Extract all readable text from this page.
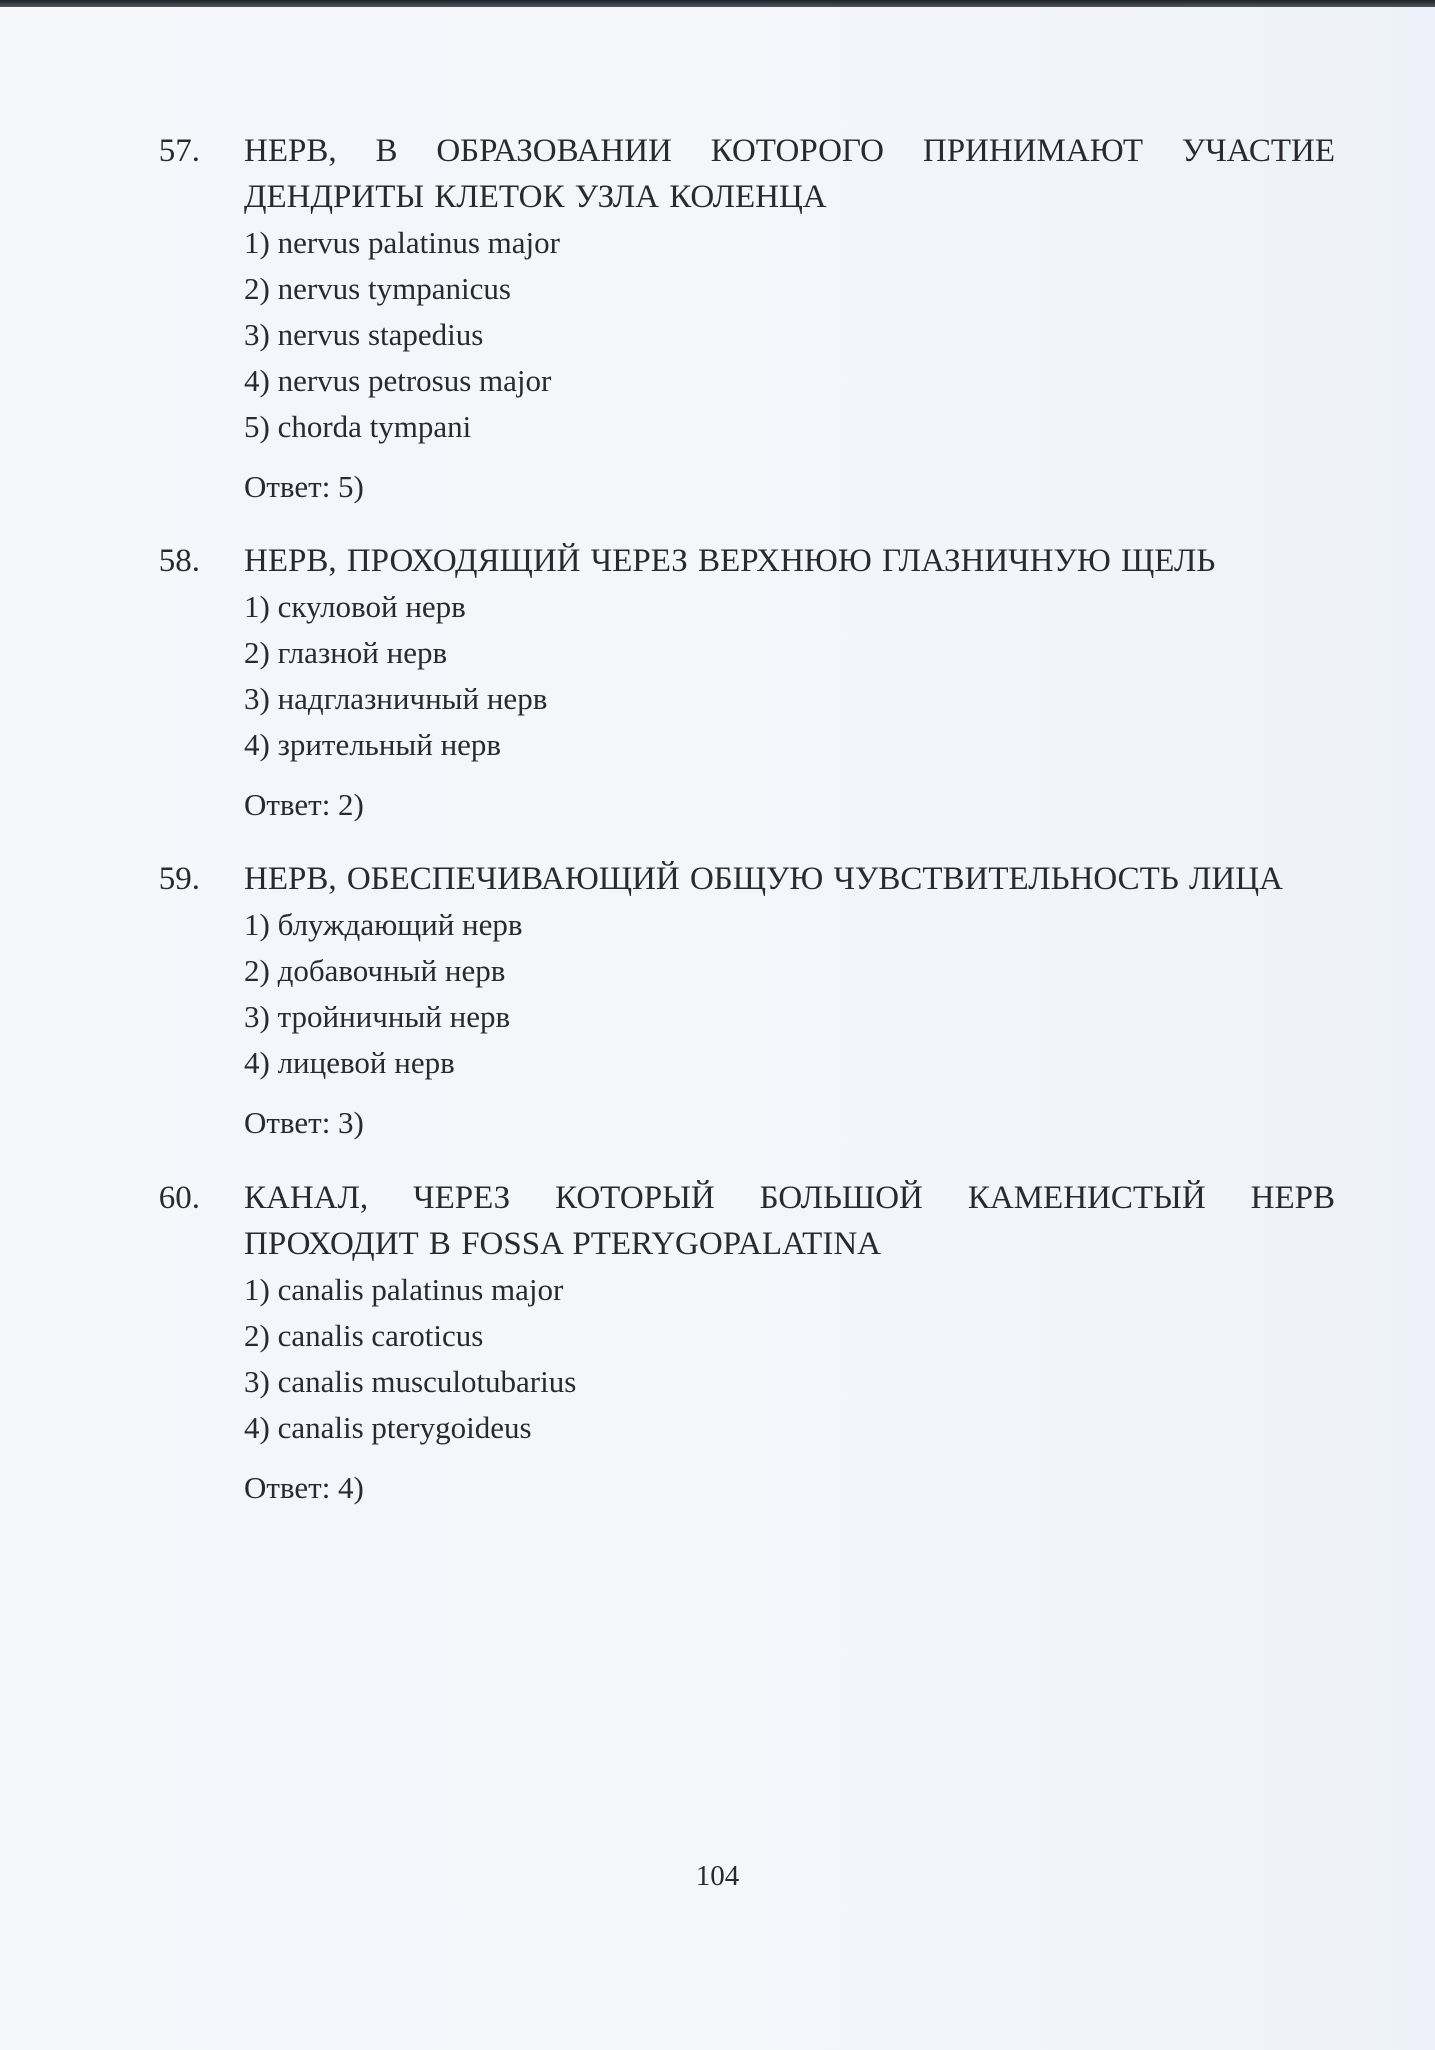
57. НЕРВ, В ОБРАЗОВАНИИ КОТОРОГО ПРИНИМАЮТ УЧАСТИЕ ДЕНДРИТЫ КЛЕТОК УЗЛА КОЛЕНЦА
1) nervus palatinus major
2) nervus tympanicus
3) nervus stapedius
4) nervus petrosus major
5) chorda tympani
Ответ: 5)
58. НЕРВ, ПРОХОДЯЩИЙ ЧЕРЕЗ ВЕРХНЮЮ ГЛАЗНИЧНУЮ ЩЕЛЬ
1) скуловой нерв
2) глазной нерв
3) надглазничный нерв
4) зрительный нерв
Ответ: 2)
59. НЕРВ, ОБЕСПЕЧИВАЮЩИЙ ОБЩУЮ ЧУВСТВИТЕЛЬНОСТЬ ЛИЦА
1) блуждающий нерв
2) добавочный нерв
3) тройничный нерв
4) лицевой нерв
Ответ: 3)
60. КАНАЛ, ЧЕРЕЗ КОТОРЫЙ БОЛЬШОЙ КАМЕНИСТЫЙ НЕРВ ПРОХОДИТ В FOSSA PTERYGOPALATINA
1) canalis palatinus major
2) canalis caroticus
3) canalis musculotubarius
4) canalis pterygoideus
Ответ: 4)
104
